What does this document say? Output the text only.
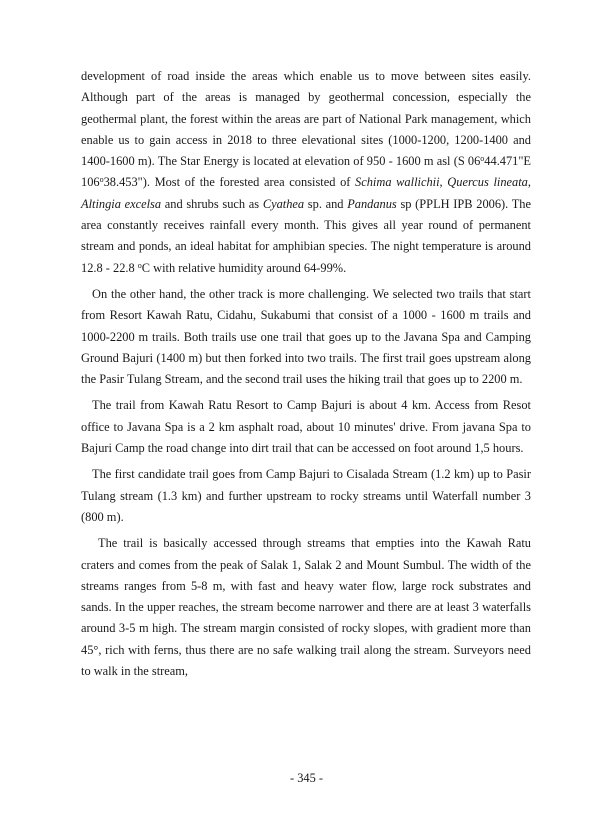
development of road inside the areas which enable us to move between sites easily. Although part of the areas is managed by geothermal concession, especially the geothermal plant, the forest within the areas are part of National Park management, which enable us to gain access in 2018 to three elevational sites (1000-1200, 1200-1400 and 1400-1600 m). The Star Energy is located at elevation of 950 - 1600 m asl (S 06$^o$44.471"E 106$^o$38.453"). Most of the forested area consisted of Schima wallichii, Quercus lineata, Altingia excelsa and shrubs such as Cyathea sp. and Pandanus sp (PPLH IPB 2006). The area constantly receives rainfall every month. This gives all year round of permanent stream and ponds, an ideal habitat for amphibian species. The night temperature is around 12.8 - 22.8 $^o$C with relative humidity around 64-99%.

On the other hand, the other track is more challenging. We selected two trails that start from Resort Kawah Ratu, Cidahu, Sukabumi that consist of a 1000 - 1600 m trails and 1000-2200 m trails. Both trails use one trail that goes up to the Javana Spa and Camping Ground Bajuri (1400 m) but then forked into two trails. The first trail goes upstream along the Pasir Tulang Stream, and the second trail uses the hiking trail that goes up to 2200 m.

The trail from Kawah Ratu Resort to Camp Bajuri is about 4 km. Access from Resot office to Javana Spa is a 2 km asphalt road, about 10 minutes' drive. From javana Spa to Bajuri Camp the road change into dirt trail that can be accessed on foot around 1,5 hours.

The first candidate trail goes from Camp Bajuri to Cisalada Stream (1.2 km) up to Pasir Tulang stream (1.3 km) and further upstream to rocky streams until Waterfall number 3 (800 m).

The trail is basically accessed through streams that empties into the Kawah Ratu craters and comes from the peak of Salak 1, Salak 2 and Mount Sumbul. The width of the streams ranges from 5-8 m, with fast and heavy water flow, large rock substrates and sands. In the upper reaches, the stream become narrower and there are at least 3 waterfalls around 3-5 m high. The stream margin consisted of rocky slopes, with gradient more than 45°, rich with ferns, thus there are no safe walking trail along the stream. Surveyors need to walk in the stream,

- 345 -
